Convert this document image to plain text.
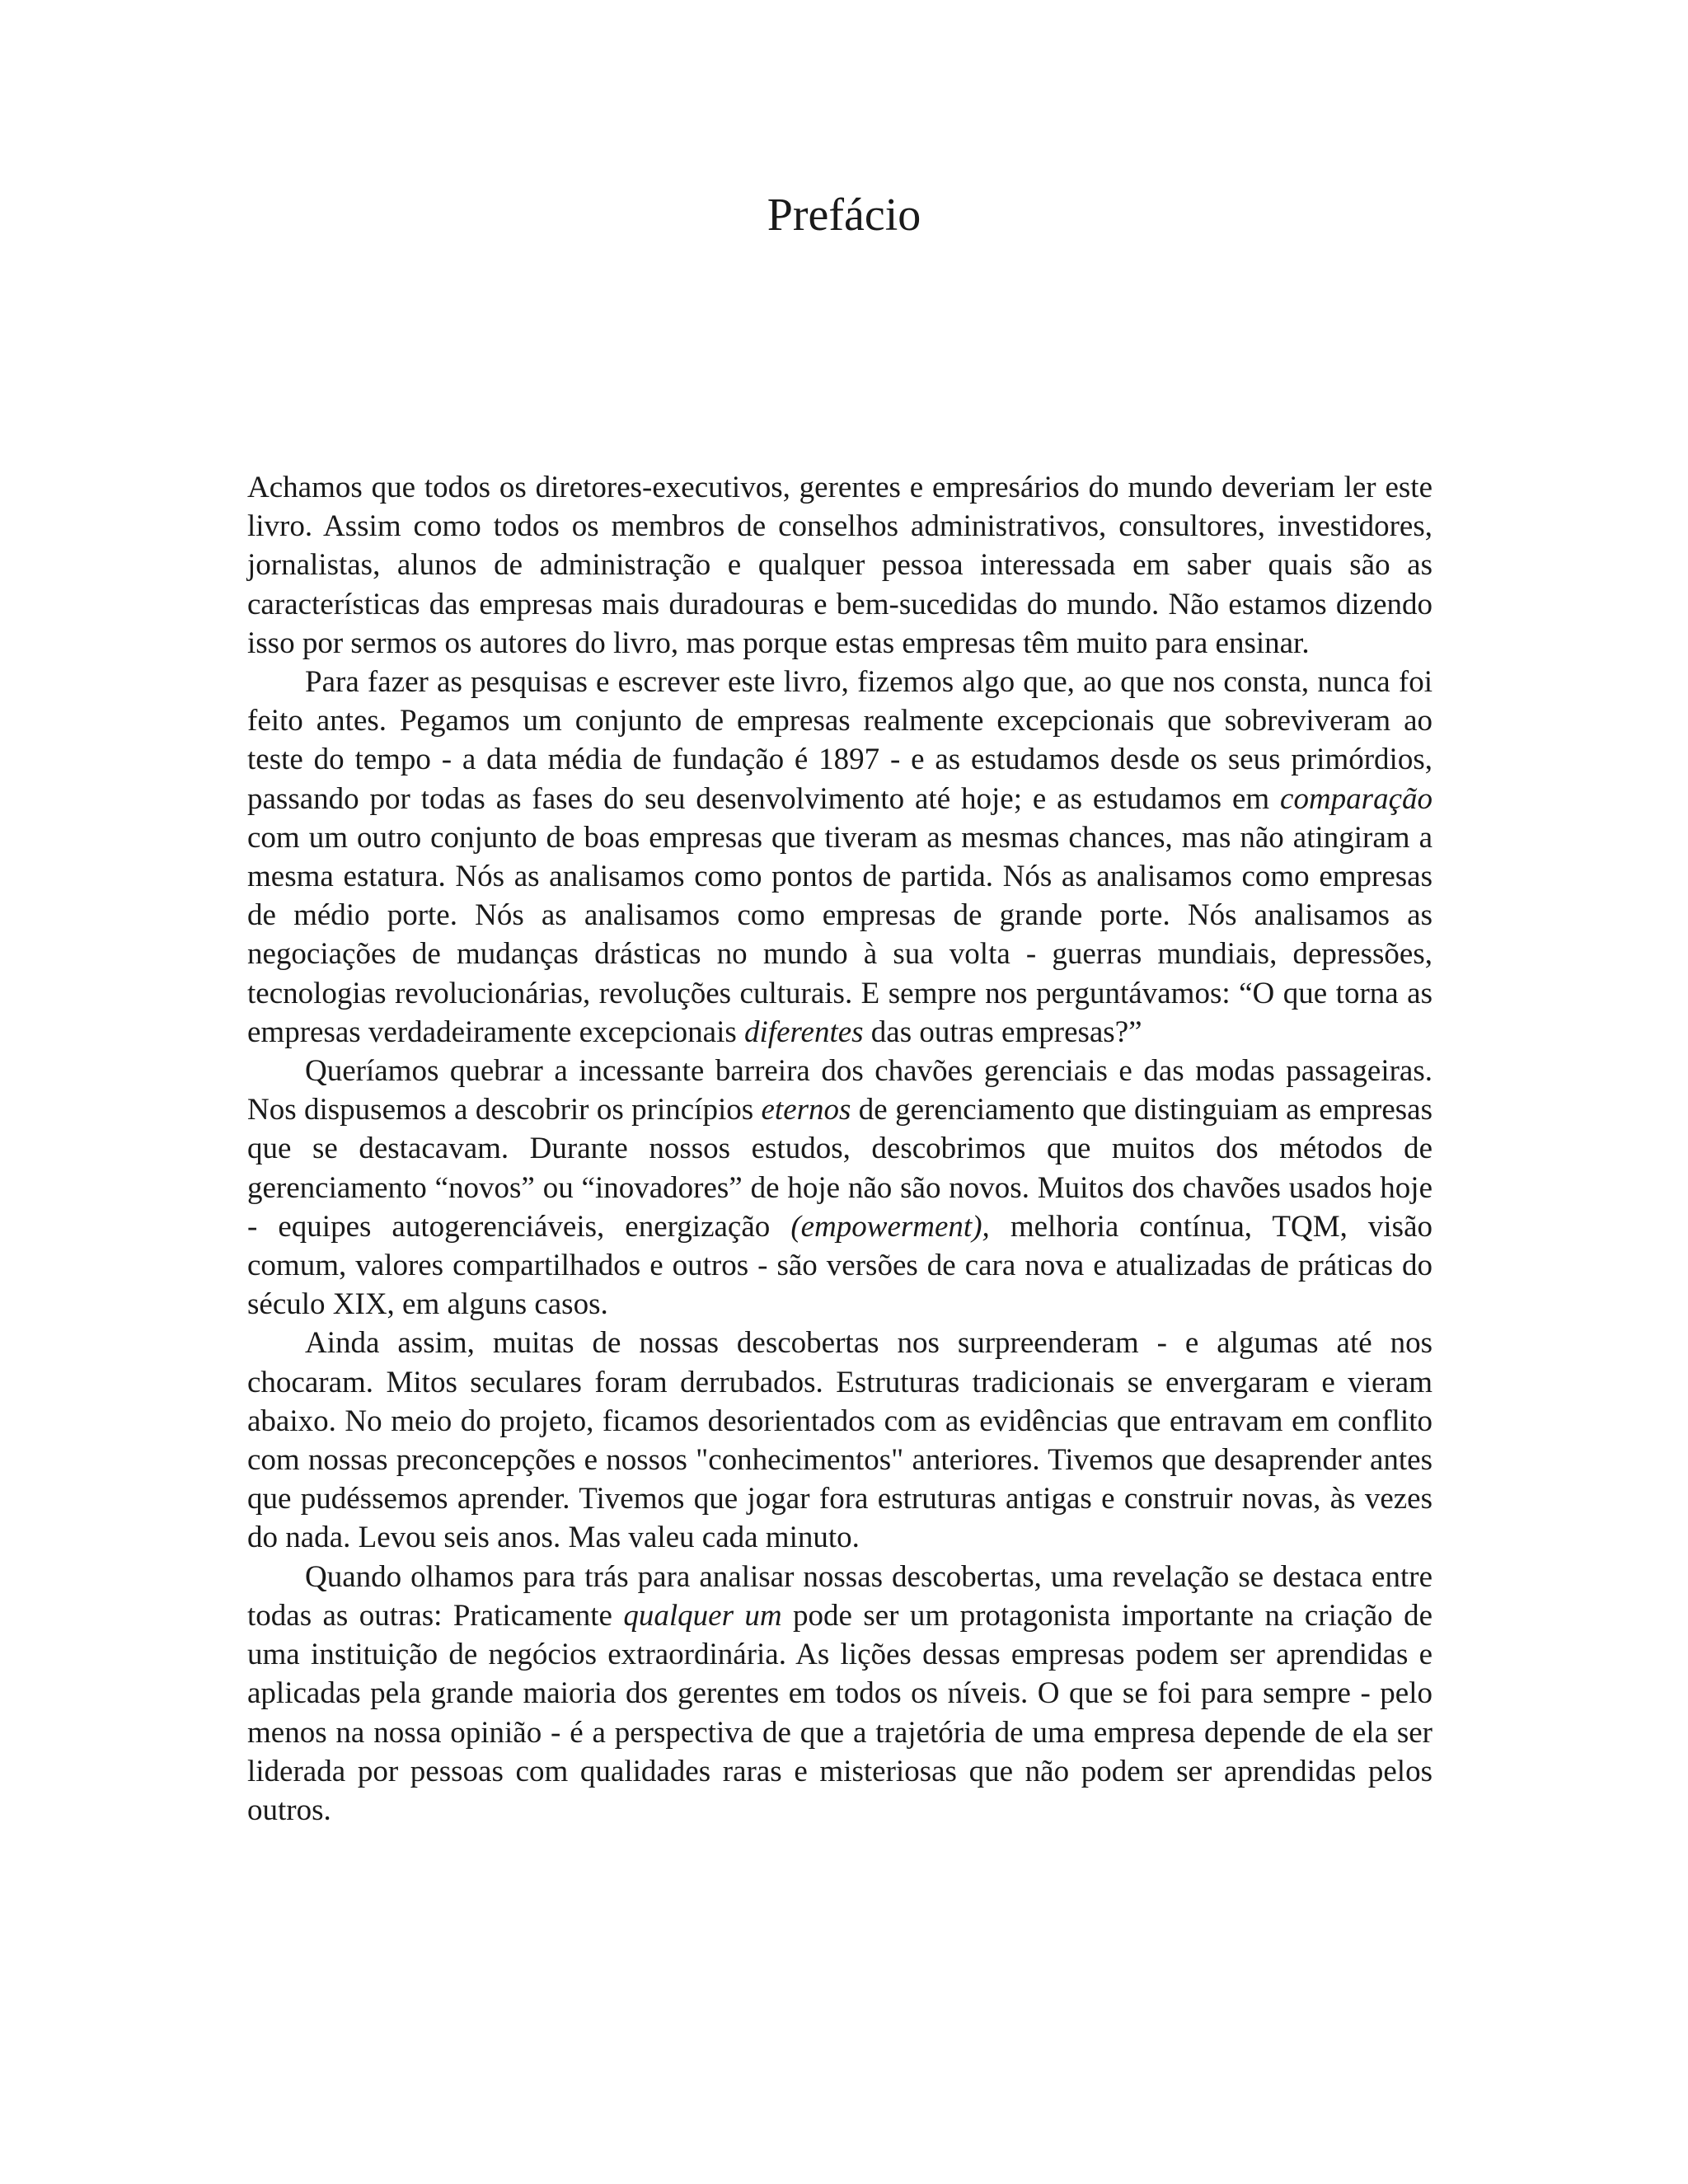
Prefácio

Achamos que todos os diretores-executivos, gerentes e empresários do mundo deveriam ler este livro. Assim como todos os membros de conselhos administrativos, consultores, investidores, jornalistas, alunos de administração e qualquer pessoa interessada em saber quais são as características das empresas mais duradouras e bem-sucedidas do mundo. Não estamos dizendo isso por sermos os autores do livro, mas porque estas empresas têm muito para ensinar.

Para fazer as pesquisas e escrever este livro, fizemos algo que, ao que nos consta, nunca foi feito antes. Pegamos um conjunto de empresas realmente excepcionais que sobreviveram ao teste do tempo - a data média de fundação é 1897 - e as estudamos desde os seus primórdios, passando por todas as fases do seu desenvolvimento até hoje; e as estudamos em comparação com um outro conjunto de boas empresas que tiveram as mesmas chances, mas não atingiram a mesma estatura. Nós as analisamos como pontos de partida. Nós as analisamos como empresas de médio porte. Nós as analisamos como empresas de grande porte. Nós analisamos as negociações de mudanças drásticas no mundo à sua volta - guerras mundiais, depressões, tecnologias revolucionárias, revoluções culturais. E sempre nos perguntávamos: “O que torna as empresas verdadeiramente excepcionais diferentes das outras empresas?”

Queríamos quebrar a incessante barreira dos chavões gerenciais e das modas passageiras. Nos dispusemos a descobrir os princípios eternos de gerenciamento que distinguiam as empresas que se destacavam. Durante nossos estudos, descobrimos que muitos dos métodos de gerenciamento “novos” ou “inovadores” de hoje não são novos. Muitos dos chavões usados hoje - equipes autogerenciáveis, energização (empowerment), melhoria contínua, TQM, visão comum, valores compartilhados e outros - são versões de cara nova e atualizadas de práticas do século XIX, em alguns casos.

Ainda assim, muitas de nossas descobertas nos surpreenderam - e algumas até nos chocaram. Mitos seculares foram derrubados. Estruturas tradicionais se envergaram e vieram abaixo. No meio do projeto, ficamos desorientados com as evidências que entravam em conflito com nossas preconcepções e nossos "conhecimentos" anteriores. Tivemos que desaprender antes que pudéssemos aprender. Tivemos que jogar fora estruturas antigas e construir novas, às vezes do nada. Levou seis anos. Mas valeu cada minuto.

Quando olhamos para trás para analisar nossas descobertas, uma revelação se destaca entre todas as outras: Praticamente qualquer um pode ser um protagonista importante na criação de uma instituição de negócios extraordinária. As lições dessas empresas podem ser aprendidas e aplicadas pela grande maioria dos gerentes em todos os níveis. O que se foi para sempre - pelo menos na nossa opinião - é a perspectiva de que a trajetória de uma empresa depende de ela ser liderada por pessoas com qualidades raras e misteriosas que não podem ser aprendidas pelos outros.
